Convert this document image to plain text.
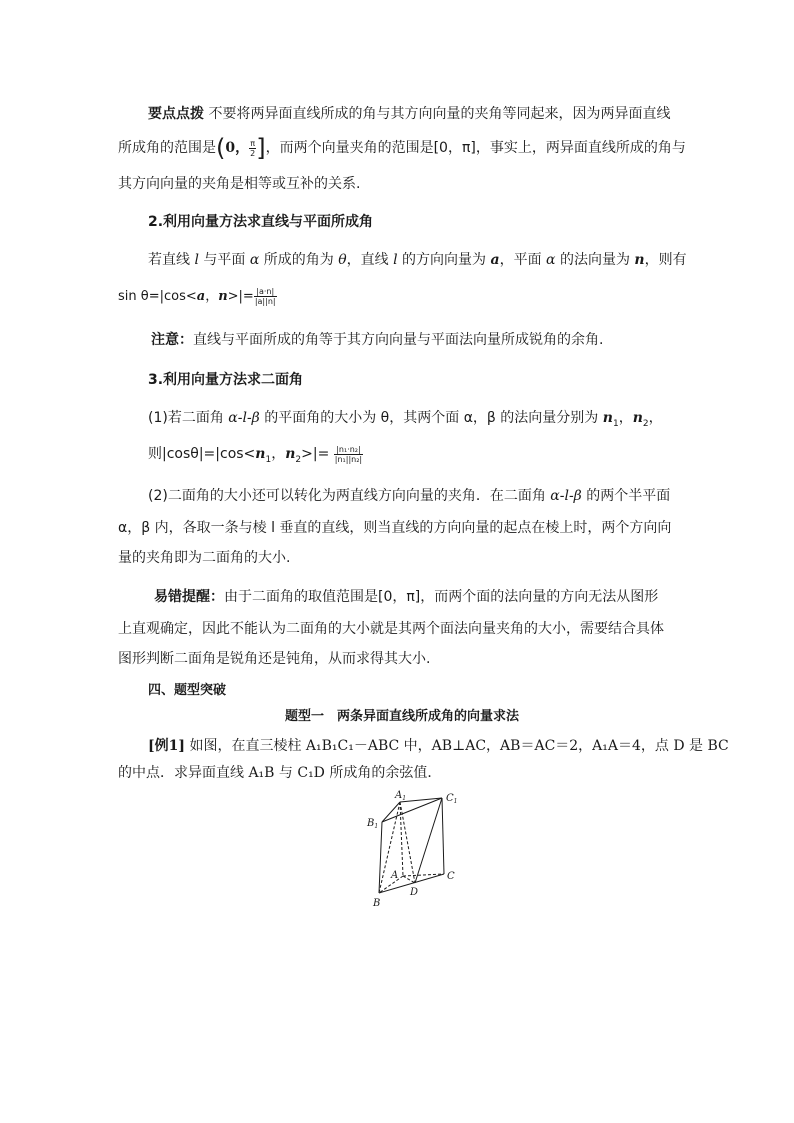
要点点拨 不要将两异面直线所成的角与其方向向量的夹角等同起来，因为两异面直线
所成角的范围是(0， $\frac{\pi}{2}$ ]，而两个向量夹角的范围是[0，π]，事实上，两异面直线所成的角与
其方向向量的夹角是相等或互补的关系.
2.利用向量方法求直线与平面所成角
若直线 l 与平面 α 所成的角为 θ，直线 l 的方向向量为 a，平面 α 的法向量为 n，则有
sin θ=|cos<a，$n>|= \frac{|a\cdot n|}{|a||n|}$
注意：直线与平面所成的角等于其方向向量与平面法向量所成锐角的余角.
3.利用向量方法求二面角
(1)若二面角 α-l-β 的平面角的大小为 θ，其两个面 α，β 的法向量分别为 $n_1$，$n_2$，
则$|\cos\theta|=|\cos<n_1$，$n_2>|= \frac{\text{|n₁·n₂|}}{\text{|n₁||n₂|}}$
(2)二面角的大小还可以转化为两直线方向向量的夹角．在二面角 α-l-β 的两个半平面
α，β 内，各取一条与棱 l 垂直的直线，则当直线的方向向量的起点在棱上时，两个方向向
量的夹角即为二面角的大小.
易错提醒：由于二面角的取值范围是[0，π]，而两个面的法向量的方向无法从图形
上直观确定，因此不能认为二面角的大小就是其两个面法向量夹角的大小，需要结合具体
图形判断二面角是锐角还是钝角，从而求得其大小.
四、题型突破
题型一　两条异面直线所成角的向量求法
[例1] 如图，在直三棱柱 A₁B₁C₁－ABC 中，AB⊥AC，AB＝AC＝2，A₁A＝4，点 D 是 BC
的中点．求异面直线 A₁B 与 C₁D 所成角的余弦值．
$A_1$	$C_1$
$B_1$
A	C
D
B
